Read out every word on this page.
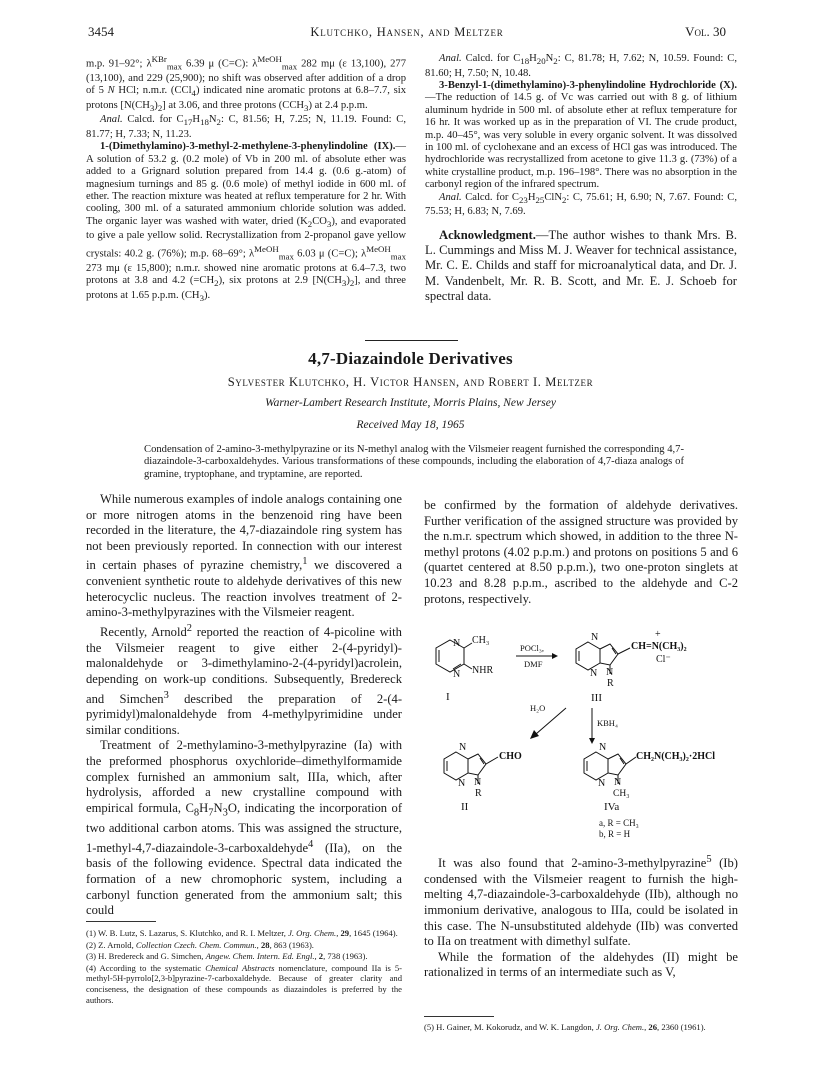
3454	Klutchko, Hansen, and Meltzer	Vol. 30

m.p. 91–92°; $\lambda^{KBr}_{max}$ 6.39 μ (C=C): $\lambda^{MeOH}_{max}$ 282 mμ (ε 13,100), 277 (13,100), and 229 (25,900); no shift was observed after addition of a drop of 5 N HCl; n.m.r. (CCl$_4$) indicated nine aromatic protons at 6.8–7.7, six protons $[N(CH_3)_2]$ at 3.06, and three protons $(CCH_3)$ at 2.4 p.p.m.

Anal. Calcd. for $C_{17}H_{18}N_2$: C, 81.56; H, 7.25; N, 11.19. Found: C, 81.77; H, 7.33; N, 11.23.

1-(Dimethylamino)-3-methyl-2-methylene-3-phenylindoline (IX).—A solution of 53.2 g. (0.2 mole) of Vb in 200 ml. of absolute ether was added to a Grignard solution prepared from 14.4 g. (0.6 g.-atom) of magnesium turnings and 85 g. (0.6 mole) of methyl iodide in 600 ml. of ether. The reaction mixture was heated at reflux temperature for 2 hr. With cooling, 300 ml. of a saturated ammonium chloride solution was added. The organic layer was washed with water, dried $(K_2CO_3)$, and evaporated to give a pale yellow solid. Recrystallization from 2-propanol gave yellow crystals: 40.2 g. (76%); m.p. 68–69°; $\lambda^{MeOH}_{max}$ 6.03 μ (C=C); $\lambda^{MeOH}_{max}$ 273 mμ (ε 15,800); n.m.r. showed nine aromatic protons at 6.4–7.3, two protons at 3.8 and 4.2 $(=CH_2)$, six protons at 2.9 $[N(CH_3)_2]$, and three protons at 1.65 p.p.m. $(CH_3)$.

Anal. Calcd. for $C_{18}H_{20}N_2$: C, 81.78; H, 7.62; N, 10.59. Found: C, 81.60; H, 7.50; N, 10.48.

3-Benzyl-1-(dimethylamino)-3-phenylindoline Hydrochloride (X).—The reduction of 14.5 g. of Vc was carried out with 8 g. of lithium aluminum hydride in 500 ml. of absolute ether at reflux temperature for 16 hr. It was worked up as in the preparation of VI. The crude product, m.p. 40–45°, was very soluble in every organic solvent. It was dissolved in 100 ml. of cyclohexane and an excess of HCl gas was introduced. The hydrochloride was recrystallized from acetone to give 11.3 g. (73%) of a white crystalline product, m.p. 196–198°. There was no absorption in the carbonyl region of the infrared spectrum.

Anal. Calcd. for $C_{23}H_{25}ClN_2$: C, 75.61; H, 6.90; N, 7.67. Found: C, 75.53; H, 6.83; N, 7.69.

Acknowledgment.—The author wishes to thank Mrs. B. L. Cummings and Miss M. J. Weaver for technical assistance, Mr. C. E. Childs and staff for microanalytical data, and Dr. J. M. Vandenbelt, Mr. R. B. Scott, and Mr. E. J. Schoeb for spectral data.

4,7-Diazaindole Derivatives
Sylvester Klutchko, H. Victor Hansen, and Robert I. Meltzer
Warner-Lambert Research Institute, Morris Plains, New Jersey
Received May 18, 1965
Condensation of 2-amino-3-methylpyrazine or its N-methyl analog with the Vilsmeier reagent furnished the corresponding 4,7-diazaindole-3-carboxaldehydes. Various transformations of these compounds, including the elaboration of 4,7-diaza analogs of gramine, tryptophane, and tryptamine, are reported.

While numerous examples of indole analogs containing one or more nitrogen atoms in the benzenoid ring have been recorded in the literature, the 4,7-diazaindole ring system has not been previously reported. In connection with our interest in certain phases of pyrazine chemistry,$^1$ we discovered a convenient synthetic route to aldehyde derivatives of this new heterocyclic nucleus. The reaction involves treatment of 2-amino-3-methylpyrazines with the Vilsmeier reagent.

Recently, Arnold$^2$ reported the reaction of 4-picoline with the Vilsmeier reagent to give either 2-(4-pyridyl)-malonaldehyde or 3-dimethylamino-2-(4-pyridyl)acrolein, depending on work-up conditions. Subsequently, Bredereck and Simchen$^3$ described the preparation of 2-(4-pyrimidyl)malonaldehyde from 4-methylpyrimidine under similar conditions.

Treatment of 2-methylamino-3-methylpyrazine (Ia) with the preformed phosphorus oxychloride–dimethylformamide complex furnished an ammonium salt, IIIa, which, after hydrolysis, afforded a new crystalline compound with empirical formula, $C_8H_7N_3O$, indicating the incorporation of two additional carbon atoms. This was assigned the structure, 1-methyl-4,7-diazaindole-3-carboxaldehyde$^4$ (IIa), on the basis of the following evidence. Spectral data indicated the formation of a new chromophoric system, including a carbonyl function generated from the ammonium salt; this could

be confirmed by the formation of aldehyde derivatives. Further verification of the assigned structure was provided by the n.m.r. spectrum which showed, in addition to the three N-methyl protons (4.02 p.p.m.) and protons on positions 5 and 6 (quartet centered at 8.50 p.p.m.), two one-proton singlets at 10.23 and 8.28 p.p.m., ascribed to the aldehyde and C-2 protons, respectively.

N
N
CH₃
NHR
I
POCl₃,
DMF
N
N N
R
CH=N(CH₃)₂
+
Cl⁻
III
H₂O
KBH₄
N
N N
R
CHO
II
N
N N
CH₃
CH₂N(CH₃)₂·2HCl
IVa
a, R = CH₃
b, R = H

It was also found that 2-amino-3-methylpyrazine$^5$ (Ib) condensed with the Vilsmeier reagent to furnish the high-melting 4,7-diazaindole-3-carboxaldehyde (IIb), although no immonium derivative, analogous to IIIa, could be isolated in this case. The N-unsubstituted aldehyde (IIb) was converted to IIa on treatment with dimethyl sulfate.

While the formation of the aldehydes (II) might be rationalized in terms of an intermediate such as V,

(1) W. B. Lutz, S. Lazarus, S. Klutchko, and R. I. Meltzer, J. Org. Chem., 29, 1645 (1964).

(2) Z. Arnold, Collection Czech. Chem. Commun., 28, 863 (1963).

(3) H. Bredereck and G. Simchen, Angew. Chem. Intern. Ed. Engl., 2, 738 (1963).

(4) According to the systematic Chemical Abstracts nomenclature, compound IIa is 5-methyl-5H-pyrrolo[2,3-b]pyrazine-7-carboxaldehyde. Because of greater clarity and conciseness, the designation of these compounds as diazaindoles is preferred by the authors.

(5) H. Gainer, M. Kokorudz, and W. K. Langdon, J. Org. Chem., 26, 2360 (1961).
